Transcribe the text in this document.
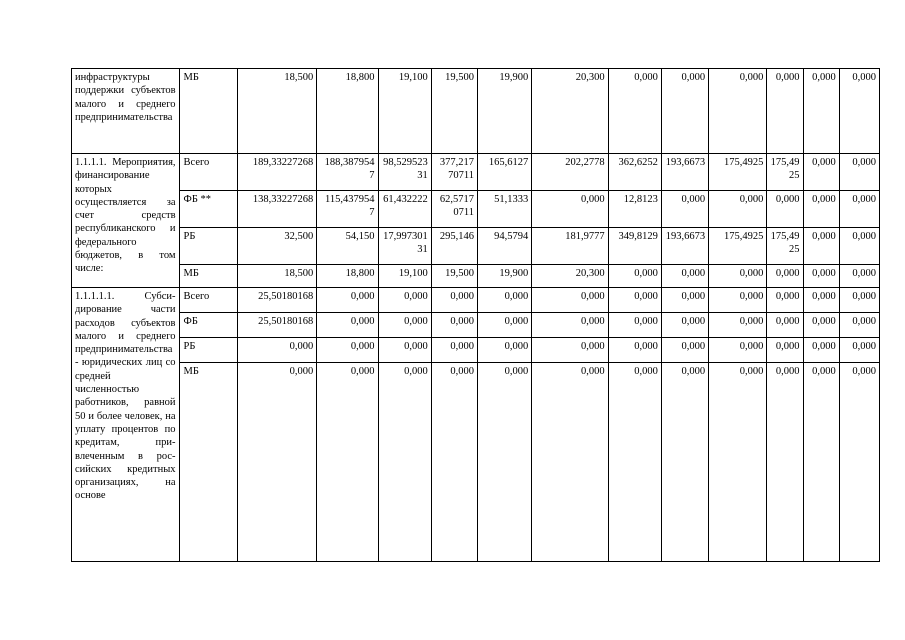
инфраструктуры поддержки субъектов малого и среднего предпринимательства	МБ	18,500	18,800	19,100	19,500	19,900	20,300	0,000	0,000	0,000	0,000	0,000	0,000
1.1.1.1. Мероприятия, финансирование которых осуществляется за счет средств республиканского и федерального бюджетов, в том числе:	Всего	189,33227268	188,3879547	98,52952331	377,21770711	165,6127	202,2778	362,6252	193,6673	175,4925	175,4925	0,000	0,000
	ФБ **	138,33227268	115,4379547	61,432222	62,57170711	51,1333	0,000	12,8123	0,000	0,000	0,000	0,000	0,000
	РБ	32,500	54,150	17,99730131	295,146	94,5794	181,9777	349,8129	193,6673	175,4925	175,4925	0,000	0,000
	МБ	18,500	18,800	19,100	19,500	19,900	20,300	0,000	0,000	0,000	0,000	0,000	0,000
1.1.1.1.1. Субсидирование части расходов субъектов малого и среднего предпринимательства - юридических лиц со средней численностью работников, равной 50 и более человек, на уплату процентов по кредитам, привлеченным в российских кредитных организациях, на основе	Всего	25,50180168	0,000	0,000	0,000	0,000	0,000	0,000	0,000	0,000	0,000	0,000	0,000
	ФБ	25,50180168	0,000	0,000	0,000	0,000	0,000	0,000	0,000	0,000	0,000	0,000	0,000
	РБ	0,000	0,000	0,000	0,000	0,000	0,000	0,000	0,000	0,000	0,000	0,000	0,000
	МБ	0,000	0,000	0,000	0,000	0,000	0,000	0,000	0,000	0,000	0,000	0,000	0,000
